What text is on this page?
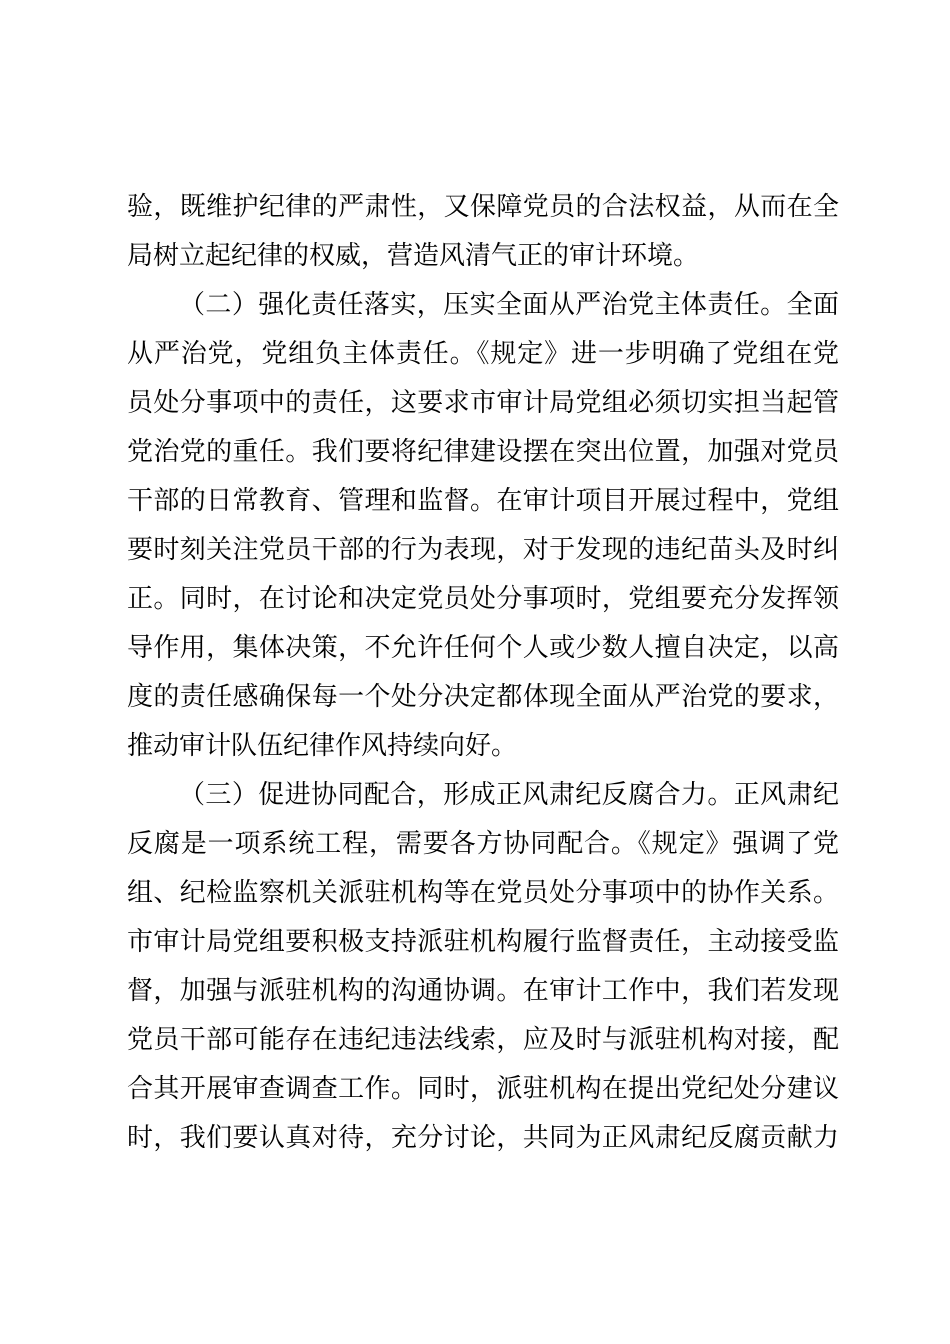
验，既维护纪律的严肃性，又保障党员的合法权益，从而在全
局树立起纪律的权威，营造风清气正的审计环境。
（二）强化责任落实，压实全面从严治党主体责任。全面
从严治党，党组负主体责任。《规定》进一步明确了党组在党
员处分事项中的责任，这要求市审计局党组必须切实担当起管
党治党的重任。我们要将纪律建设摆在突出位置，加强对党员
干部的日常教育、管理和监督。在审计项目开展过程中，党组
要时刻关注党员干部的行为表现，对于发现的违纪苗头及时纠
正。同时，在讨论和决定党员处分事项时，党组要充分发挥领
导作用，集体决策，不允许任何个人或少数人擅自决定，以高
度的责任感确保每一个处分决定都体现全面从严治党的要求，
推动审计队伍纪律作风持续向好。
（三）促进协同配合，形成正风肃纪反腐合力。正风肃纪
反腐是一项系统工程，需要各方协同配合。《规定》强调了党
组、纪检监察机关派驻机构等在党员处分事项中的协作关系。
市审计局党组要积极支持派驻机构履行监督责任，主动接受监
督，加强与派驻机构的沟通协调。在审计工作中，我们若发现
党员干部可能存在违纪违法线索，应及时与派驻机构对接，配
合其开展审查调查工作。同时，派驻机构在提出党纪处分建议
时，我们要认真对待，充分讨论，共同为正风肃纪反腐贡献力
